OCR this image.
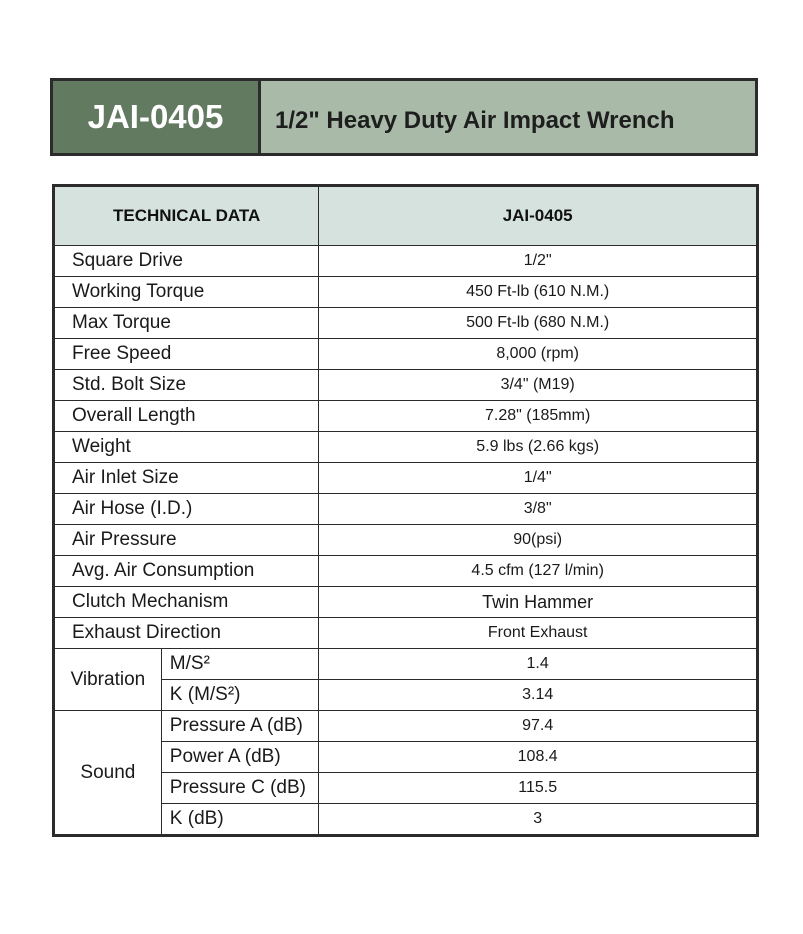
JAI-0405	1/2" Heavy Duty Air Impact Wrench
TECHNICAL DATA		JAI-0405
Square Drive		1/2"
Working Torque		450 Ft-lb (610 N.M.)
Max Torque		500 Ft-lb (680 N.M.)
Free Speed		8,000 (rpm)
Std. Bolt Size		3/4" (M19)
Overall Length		7.28" (185mm)
Weight		5.9 lbs (2.66 kgs)
Air Inlet Size		1/4"
Air Hose (I.D.)		3/8"
Air Pressure		90(psi)
Avg. Air Consumption		4.5 cfm (127 l/min)
Clutch Mechanism		Twin Hammer
Exhaust Direction		Front Exhaust
Vibration	M/S²	1.4
	K (M/S²)	3.14
Sound	Pressure A (dB)	97.4
	Power A (dB)	108.4
	Pressure C (dB)	115.5
	K (dB)	3
